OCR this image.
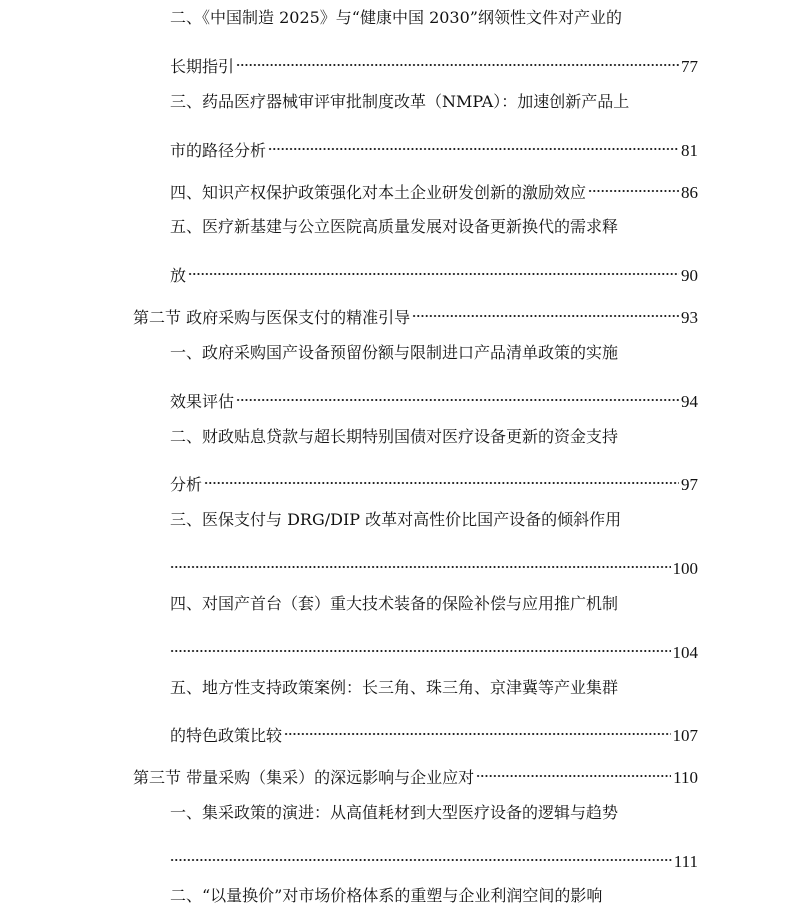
二、《中国制造 2025》与“健康中国 2030”纲领性文件对产业的
长期指引	77
三、药品医疗器械审评审批制度改革（NMPA）：加速创新产品上
市的路径分析	81
四、知识产权保护政策强化对本土企业研发创新的激励效应	86
五、医疗新基建与公立医院高质量发展对设备更新换代的需求释
放	90
第二节 政府采购与医保支付的精准引导	93
一、政府采购国产设备预留份额与限制进口产品清单政策的实施
效果评估	94
二、财政贴息贷款与超长期特别国债对医疗设备更新的资金支持
分析	97
三、医保支付与 DRG/DIP 改革对高性价比国产设备的倾斜作用
100
四、对国产首台（套）重大技术装备的保险补偿与应用推广机制
104
五、地方性支持政策案例：长三角、珠三角、京津冀等产业集群
的特色政策比较	107
第三节 带量采购（集采）的深远影响与企业应对	110
一、集采政策的演进：从高值耗材到大型医疗设备的逻辑与趋势
111
二、“以量换价”对市场价格体系的重塑与企业利润空间的影响
